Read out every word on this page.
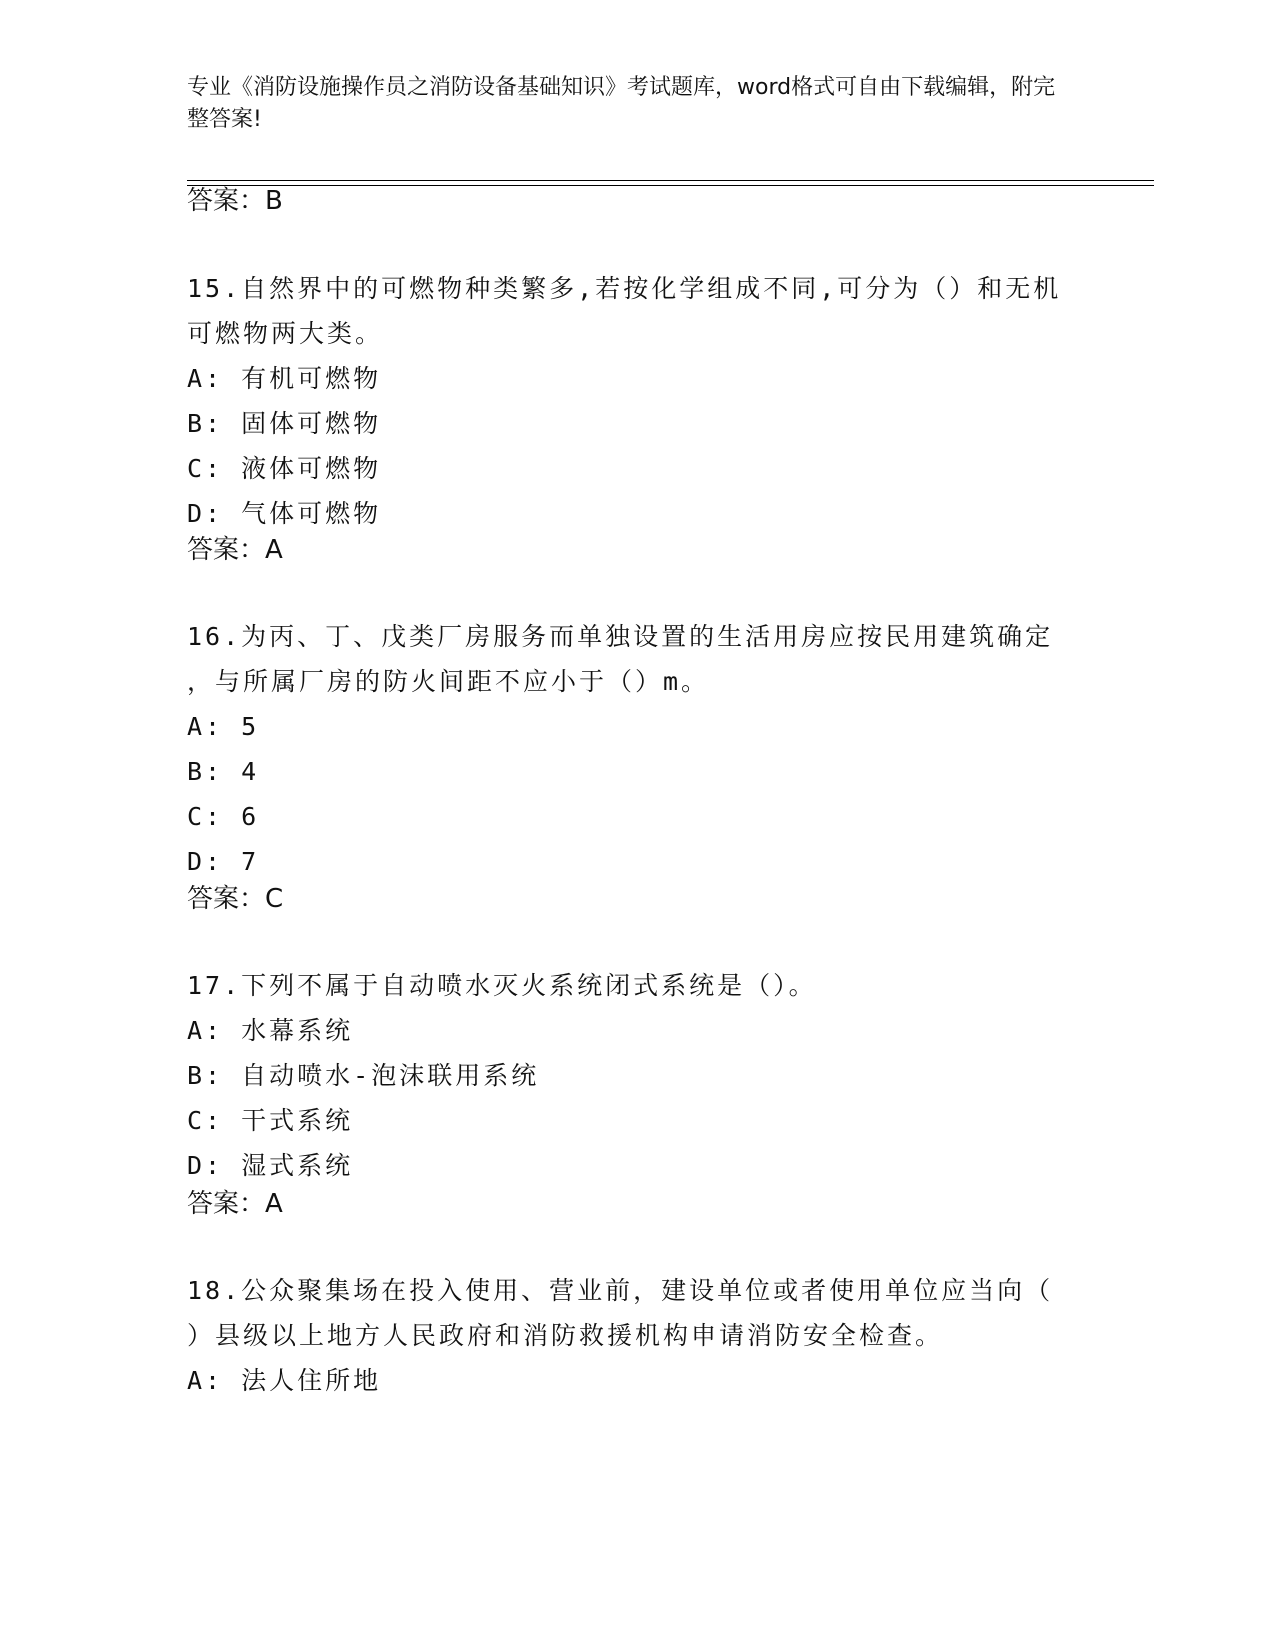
专业《消防设施操作员之消防设备基础知识》考试题库，word格式可自由下载编辑，附完整答案!
答案：B
15.自然界中的可燃物种类繁多,若按化学组成不同,可分为（）和无机
可燃物两大类。
A: 有机可燃物
B: 固体可燃物
C: 液体可燃物
D: 气体可燃物
答案：A
16.为丙、丁、戊类厂房服务而单独设置的生活用房应按民用建筑确定
，与所属厂房的防火间距不应小于（）m。
A: 5
B: 4
C: 6
D: 7
答案：C
17.下列不属于自动喷水灭火系统闭式系统是（）。
A: 水幕系统
B: 自动喷水-泡沫联用系统
C: 干式系统
D: 湿式系统
答案：A
18.公众聚集场在投入使用、营业前，建设单位或者使用单位应当向（
）县级以上地方人民政府和消防救援机构申请消防安全检查。
A: 法人住所地
